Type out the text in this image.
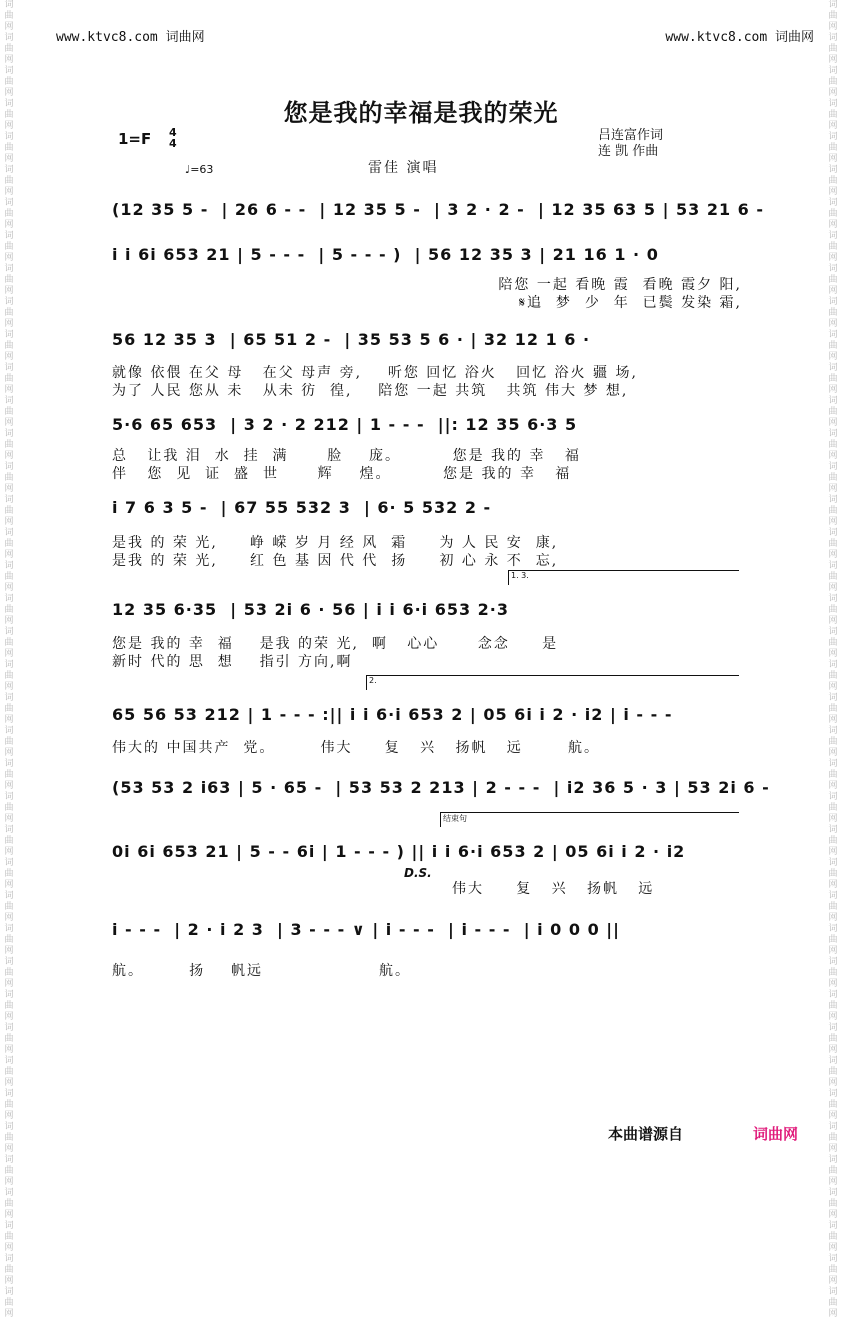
词曲网词曲网词曲网词曲网词曲网词曲网词曲网词曲网词曲网词曲网词曲网词曲网词曲网词曲网词曲网词曲网词曲网词曲网词曲网词曲网词曲网词曲网词曲网词曲网词曲网词曲网词曲网词曲网词曲网词曲网词曲网词曲网词曲网词曲网词曲网词曲网词曲网词曲网词曲网词曲网
词曲网词曲网词曲网词曲网词曲网词曲网词曲网词曲网词曲网词曲网词曲网词曲网词曲网词曲网词曲网词曲网词曲网词曲网词曲网词曲网词曲网词曲网词曲网词曲网词曲网词曲网词曲网词曲网词曲网词曲网词曲网词曲网词曲网词曲网词曲网词曲网词曲网词曲网词曲网词曲网
www.ktvc8.com 词曲网	www.ktvc8.com 词曲网
您是我的幸福是我的荣光
1=F 4
4
吕连富作词
连 凯 作曲
♩=63	雷佳 演唱
(12 35 5 -  | 26 6 - -  | 12 35 5 -  | 3 2 · 2 -  | 12 35 63 5 | 53 21 6 -
i i 6i 653 21 | 5 - - -  | 5 - - - )  | 56 12 35 3 | 21 16 1 · 0
陪您 一起 看晚 霞  看晚 霞夕 阳,
𝄋追  梦  少  年  已鬓 发染 霜,
56 12 35 3  | 65 51 2 -  | 35 53 5 6 · | 32 12 1 6 ·
就像 依偎 在父 母   在父 母声 旁,    听您 回忆 浴火   回忆 浴火 疆 场,
为了 人民 您从 未   从未 彷  徨,    陪您 一起 共筑   共筑 伟大 梦 想,
5·6 65 653  | 3 2 · 2 212 | 1 - - -  ||: 12 35 6·3 5
总   让我 泪  水  挂  满      脸    庞。        您是 我的 幸   福
伴   您  见  证  盛  世      辉    煌。        您是 我的 幸   福
i 7 6 3 5 -  | 67 55 532 3  | 6· 5 532 2 -
是我 的 荣 光,     峥 嵘 岁 月 经 风  霜     为 人 民 安  康,
是我 的 荣 光,     红 色 基 因 代 代  扬     初 心 永 不  忘,
1. 3.
12 35 6·35  | 53 2i 6 · 56 | i i 6·i 653 2·3
您是 我的 幸  福    是我 的荣 光,  啊   心心      念念     是
新时 代的 思  想    指引 方向,啊
2.
65 56 53 212 | 1 - - - :|| i i 6·i 653 2 | 05 6i i 2 · i2 | i - - -
伟大的 中国共产  党。       伟大     复   兴   扬帆   远       航。
(53 53 2 i63 | 5 · 65 -  | 53 53 2 213 | 2 - - -  | i2 36 5 · 3 | 53 2i 6 -
结束句
0i 6i 653 21 | 5 - - 6i | 1 - - - ) || i i 6·i 653 2 | 05 6i i 2 · i2
D.S.
伟大     复   兴   扬帆   远
i - - -  | 2 · i 2 3  | 3 - - - ∨ | i - - -  | i - - -  | i 0 0 0 ||
航。       扬    帆远                  航。
本曲谱源自	词曲网
